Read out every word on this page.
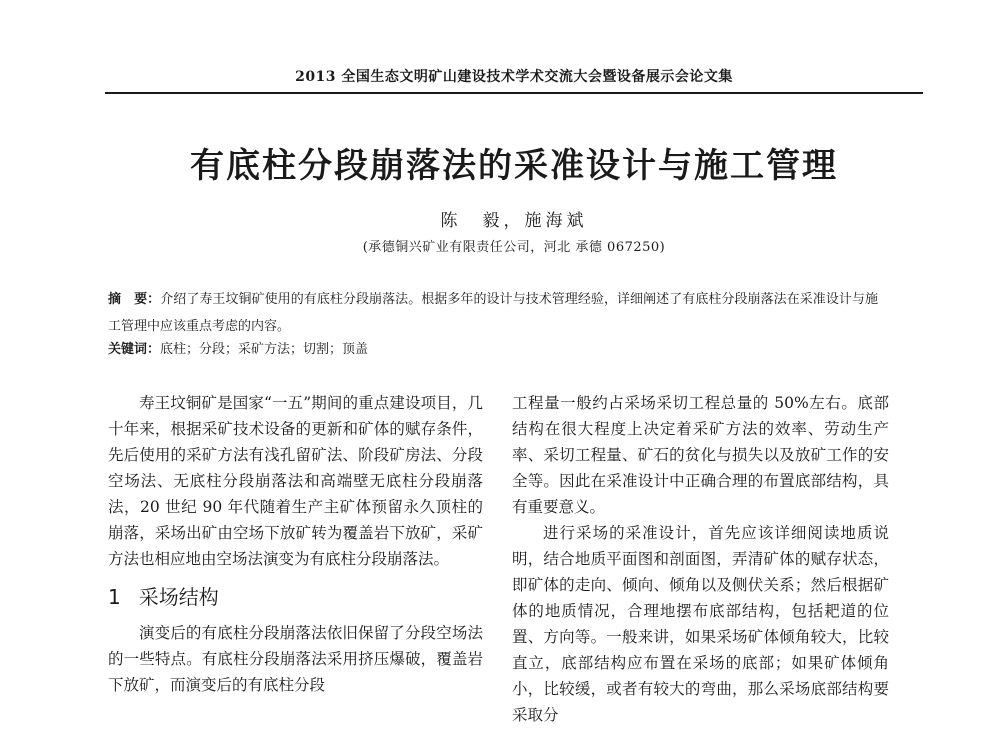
2013 全国生态文明矿山建设技术学术交流大会暨设备展示会论文集
有底柱分段崩落法的采准设计与施工管理
陈　毅，施海斌
(承德铜兴矿业有限责任公司，河北 承德 067250)
摘　要：介绍了寿王坟铜矿使用的有底柱分段崩落法。根据多年的设计与技术管理经验，详细阐述了有底柱分段崩落法在采准设计与施工管理中应该重点考虑的内容。
关键词：底柱；分段；采矿方法；切割；顶盖

寿王坟铜矿是国家“一五”期间的重点建设项目，几十年来，根据采矿技术设备的更新和矿体的赋存条件，先后使用的采矿方法有浅孔留矿法、阶段矿房法、分段空场法、无底柱分段崩落法和高端壁无底柱分段崩落法，20 世纪 90 年代随着生产主矿体预留永久顶柱的崩落，采场出矿由空场下放矿转为覆盖岩下放矿，采矿方法也相应地由空场法演变为有底柱分段崩落法。

1 采场结构

演变后的有底柱分段崩落法依旧保留了分段空场法的一些特点。有底柱分段崩落法采用挤压爆破，覆盖岩下放矿，而演变后的有底柱分段

工程量一般约占采场采切工程总量的 50%左右。底部结构在很大程度上决定着采矿方法的效率、劳动生产率、采切工程量、矿石的贫化与损失以及放矿工作的安全等。因此在采准设计中正确合理的布置底部结构，具有重要意义。

进行采场的采准设计，首先应该详细阅读地质说明，结合地质平面图和剖面图，弄清矿体的赋存状态，即矿体的走向、倾向、倾角以及侧伏关系；然后根据矿体的地质情况，合理地摆布底部结构，包括耙道的位置、方向等。一般来讲，如果采场矿体倾角较大，比较直立，底部结构应布置在采场的底部；如果矿体倾角小，比较缓，或者有较大的弯曲，那么采场底部结构要采取分
